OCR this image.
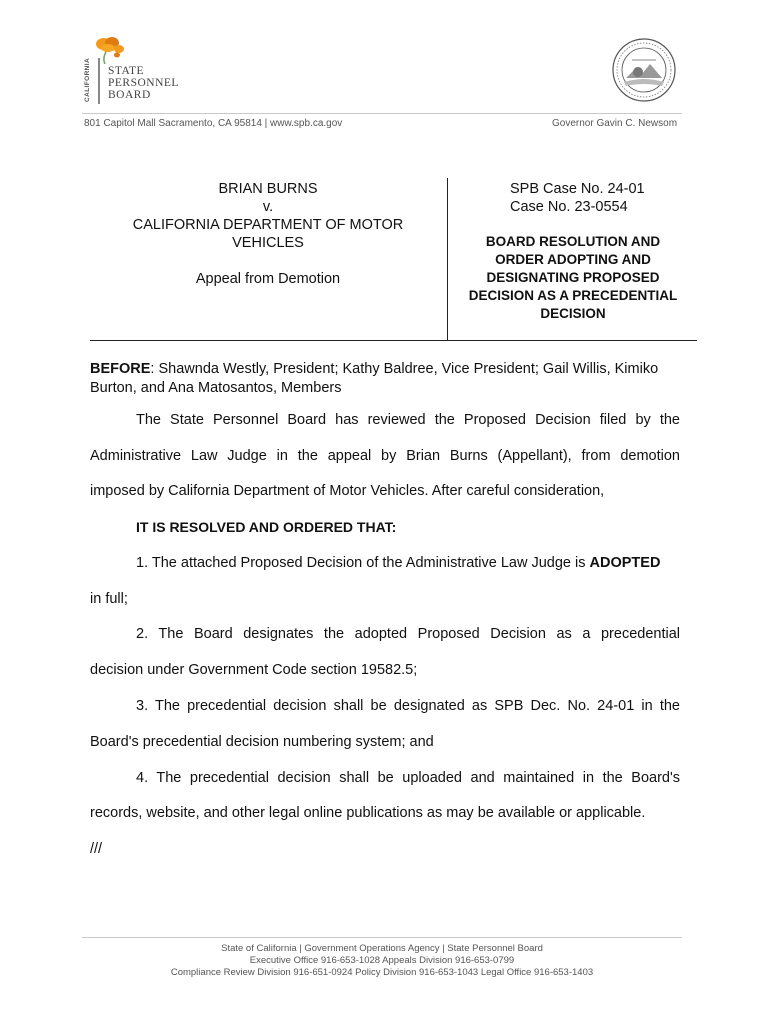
CALIFORNIA STATE
PERSONNEL
BOARD
801 Capitol Mall Sacramento, CA 95814 | www.spb.ca.gov	Governor Gavin C. Newsom
BRIAN BURNS
v.
CALIFORNIA DEPARTMENT OF MOTOR
VEHICLES
Appeal from Demotion
SPB Case No. 24-01
Case No. 23-0554
BOARD RESOLUTION AND
ORDER ADOPTING AND
DESIGNATING PROPOSED
DECISION AS A PRECEDENTIAL
DECISION
BEFORE: Shawnda Westly, President; Kathy Baldree, Vice President; Gail Willis, Kimiko Burton, and Ana Matosantos, Members
The State Personnel Board has reviewed the Proposed Decision filed by the
Administrative Law Judge in the appeal by Brian Burns (Appellant), from demotion
imposed by California Department of Motor Vehicles. After careful consideration,
IT IS RESOLVED AND ORDERED THAT:
1. The attached Proposed Decision of the Administrative Law Judge is ADOPTED
in full;
2. The Board designates the adopted Proposed Decision as a precedential
decision under Government Code section 19582.5;
3. The precedential decision shall be designated as SPB Dec. No. 24-01 in the
Board's precedential decision numbering system; and
4. The precedential decision shall be uploaded and maintained in the Board's
records, website, and other legal online publications as may be available or applicable.
///
State of California | Government Operations Agency | State Personnel Board
Executive Office 916-653-1028 Appeals Division 916-653-0799
Compliance Review Division 916-651-0924 Policy Division 916-653-1043 Legal Office 916-653-1403
